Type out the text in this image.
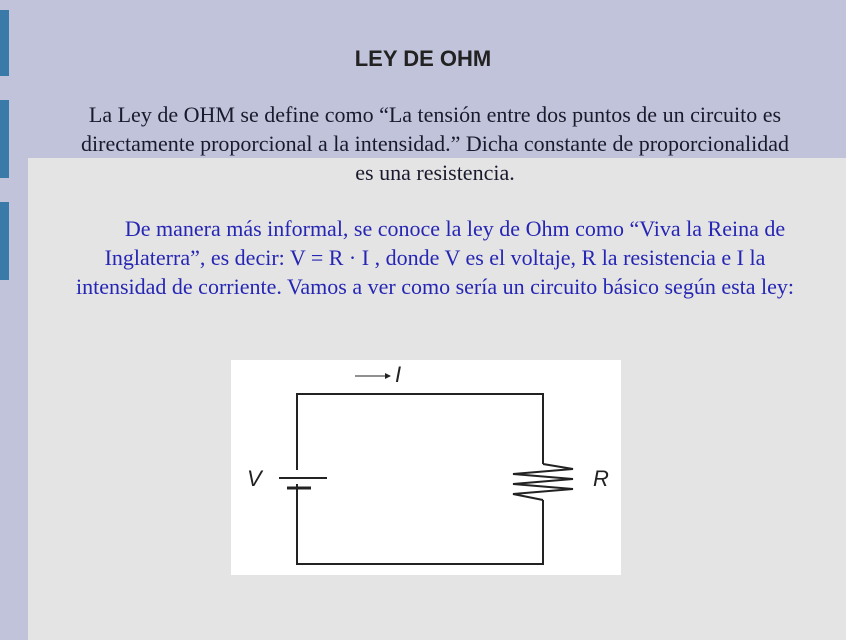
LEY DE OHM
La Ley de OHM se define como “La tensión entre dos puntos de un circuito es directamente proporcional a la intensidad.” Dicha constante de proporcionalidad es una resistencia.
De manera más informal, se conoce la ley de Ohm como “Viva la Reina de Inglaterra”, es decir: V = R · I , donde V es el voltaje, R la resistencia e I la intensidad de corriente. Vamos a ver como sería un circuito básico según esta ley:
I
V	R
